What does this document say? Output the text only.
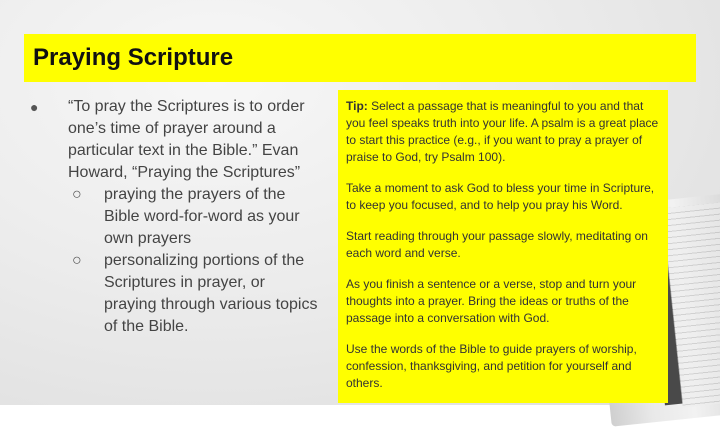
Praying Scripture
● “To pray the Scriptures is to order one’s time of prayer around a particular text in the Bible.” Evan Howard, “Praying the Scriptures”
○ praying the prayers of the Bible word-for-word as your own prayers
○ personalizing portions of the Scriptures in prayer, or praying through various topics of the Bible.

Tip: Select a passage that is meaningful to you and that you feel speaks truth into your life. A psalm is a great place to start this practice (e.g., if you want to pray a prayer of praise to God, try Psalm 100).

Take a moment to ask God to bless your time in Scripture, to keep you focused, and to help you pray his Word.

Start reading through your passage slowly, meditating on each word and verse.

As you finish a sentence or a verse, stop and turn your thoughts into a prayer. Bring the ideas or truths of the passage into a conversation with God.

Use the words of the Bible to guide prayers of worship, confession, thanksgiving, and petition for yourself and others.
